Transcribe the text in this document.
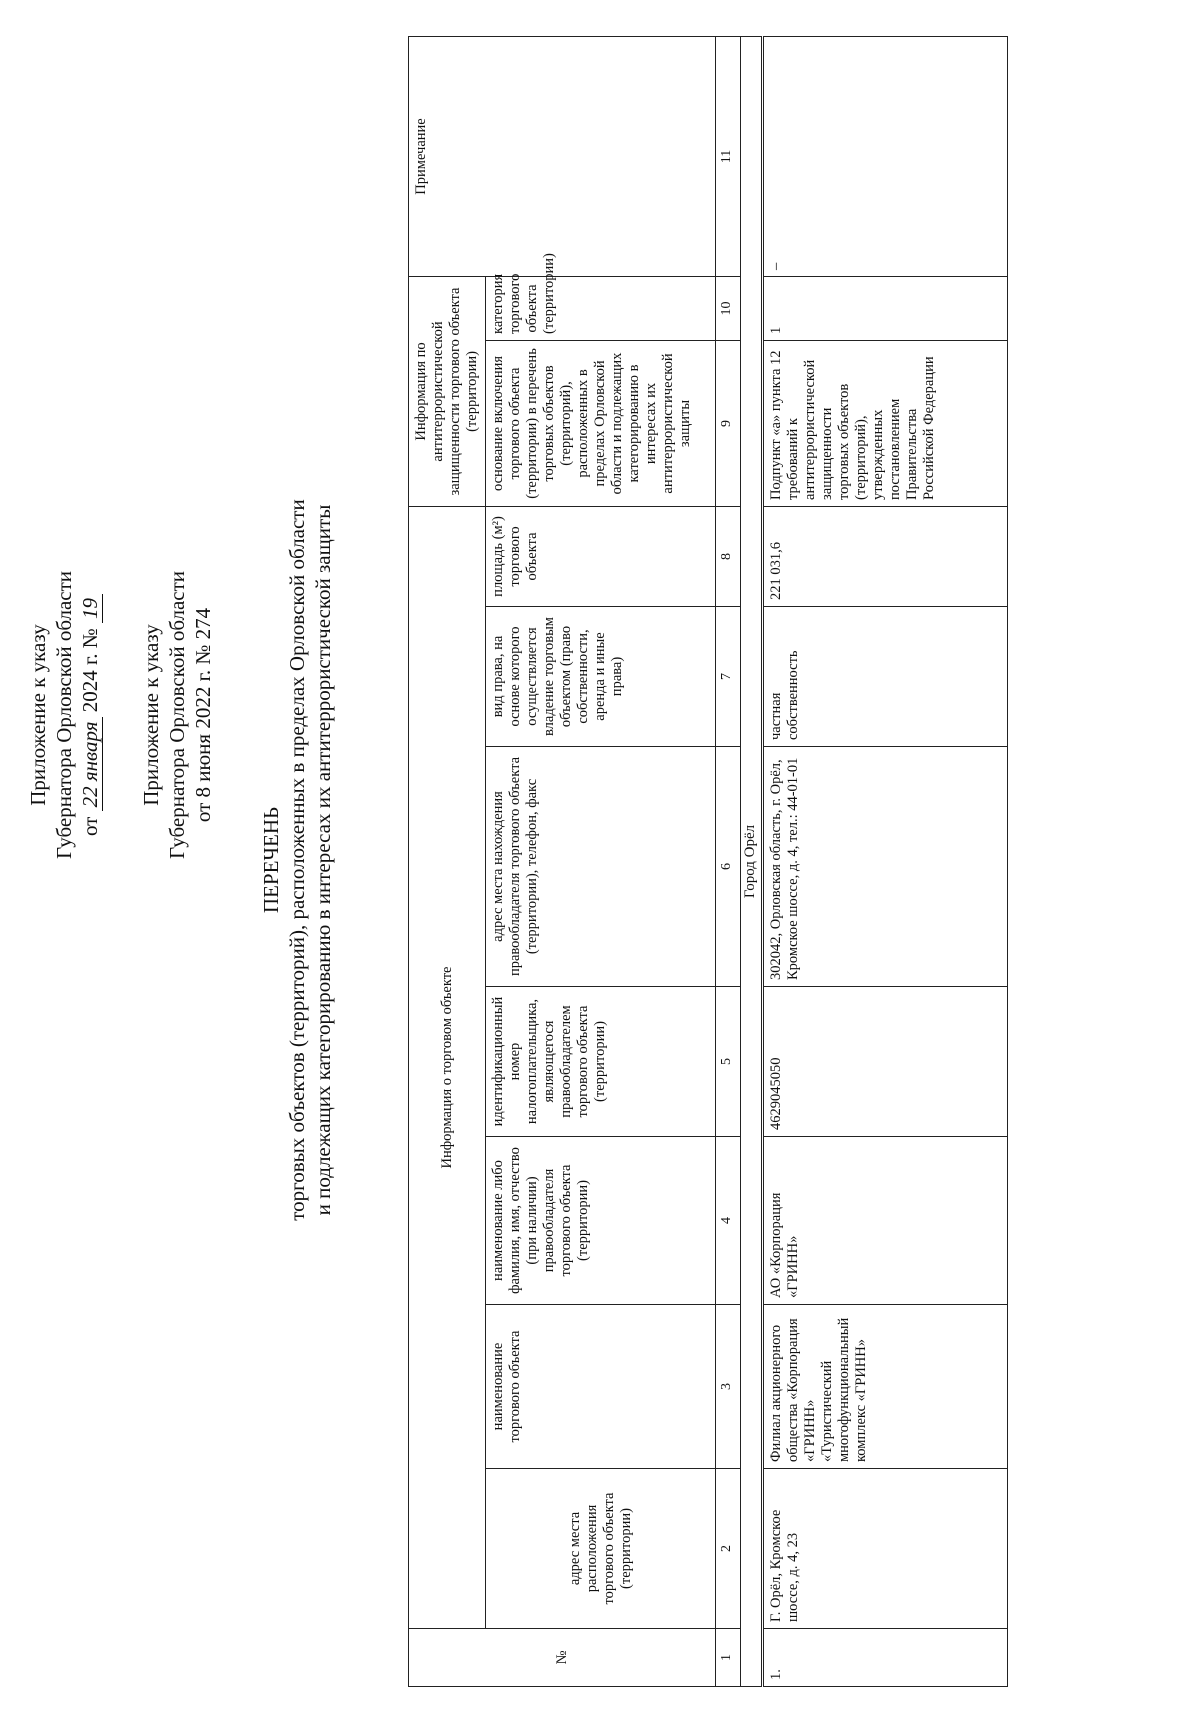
Приложение к указу Губернатора Орловской области от 22 января 2024 г. № 19
Приложение к указу Губернатора Орловской области от 8 июня 2022 г. № 274
ПЕРЕЧЕНЬ торговых объектов (территорий), расположенных в пределах Орловской области и подлежащих категорированию в интересах их антитеррористической защиты
№	Информация о торговом объекте							Информация по антитеррористической защищенности торгового объекта (территории)		Примечание
	адрес места расположения торгового объекта (территории)	наименование торгового объекта	наименование либо фамилия, имя, отчество (при наличии) правообладателя торгового объекта (территории)	идентификационный номер налогоплательщика, являющегося правообладателем торгового объекта (территории)	адрес места нахождения правообладателя торгового объекта (территории), телефон, факс	вид права, на основе которого осуществляется владение торговым объектом (право собственности, аренда и иные права)	площадь (м²) торгового объекта	основание включения торгового объекта (территории) в перечень торговых объектов (территорий), расположенных в пределах Орловской области и подлежащих категорированию в интересах их антитеррористической защиты	категория торгового объекта (территории)	
1	2	3	4	5	6	7	8	9	10	11
Город Орёл										
1.	Г. Орёл, Кромское шоссе, д. 4, 23	Филиал акционерного общества «Корпорация «ГРИНН» «Туристический многофункциональный комплекс «ГРИНН»	АО «Корпорация «ГРИНН»	4629045050	302042, Орловская область, г. Орёл, Кромское шоссе, д. 4, тел.: 44-01-01	частная собственность	221 031,6	Подпункт «а» пункта 12 требований к антитеррористической защищенности торговых объектов (территорий), утвержденных постановлением Правительства Российской Федерации	1	–
